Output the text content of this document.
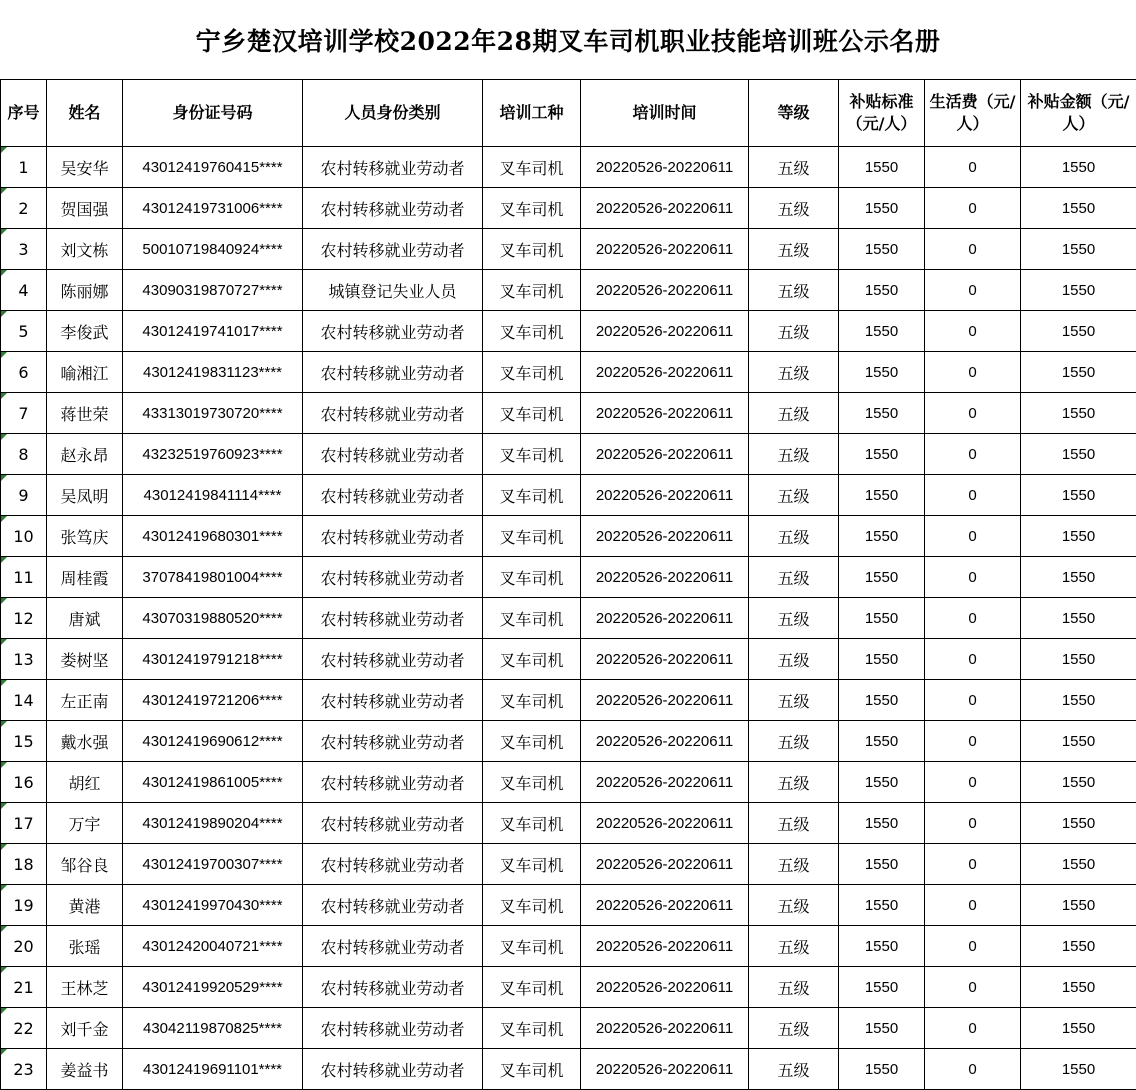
宁乡楚汉培训学校2022年28期叉车司机职业技能培训班公示名册
序号	姓名	身份证号码	人员身份类别	培训工种	培训时间	等级	补贴标准（元/人）	生活费（元/人）	补贴金额（元/人）

1	吴安华	43012419760415****	农村转移就业劳动者	叉车司机	20220526-20220611	五级	1550	0	1550
2	贺国强	43012419731006****	农村转移就业劳动者	叉车司机	20220526-20220611	五级	1550	0	1550
3	刘文栋	50010719840924****	农村转移就业劳动者	叉车司机	20220526-20220611	五级	1550	0	1550
4	陈丽娜	43090319870727****	城镇登记失业人员	叉车司机	20220526-20220611	五级	1550	0	1550
5	李俊武	43012419741017****	农村转移就业劳动者	叉车司机	20220526-20220611	五级	1550	0	1550
6	喻湘江	43012419831123****	农村转移就业劳动者	叉车司机	20220526-20220611	五级	1550	0	1550
7	蒋世荣	43313019730720****	农村转移就业劳动者	叉车司机	20220526-20220611	五级	1550	0	1550
8	赵永昂	43232519760923****	农村转移就业劳动者	叉车司机	20220526-20220611	五级	1550	0	1550
9	吴凤明	43012419841114****	农村转移就业劳动者	叉车司机	20220526-20220611	五级	1550	0	1550
10	张笃庆	43012419680301****	农村转移就业劳动者	叉车司机	20220526-20220611	五级	1550	0	1550
11	周桂霞	37078419801004****	农村转移就业劳动者	叉车司机	20220526-20220611	五级	1550	0	1550
12	唐斌	43070319880520****	农村转移就业劳动者	叉车司机	20220526-20220611	五级	1550	0	1550
13	娄树坚	43012419791218****	农村转移就业劳动者	叉车司机	20220526-20220611	五级	1550	0	1550
14	左正南	43012419721206****	农村转移就业劳动者	叉车司机	20220526-20220611	五级	1550	0	1550
15	戴水强	43012419690612****	农村转移就业劳动者	叉车司机	20220526-20220611	五级	1550	0	1550
16	胡红	43012419861005****	农村转移就业劳动者	叉车司机	20220526-20220611	五级	1550	0	1550
17	万宇	43012419890204****	农村转移就业劳动者	叉车司机	20220526-20220611	五级	1550	0	1550
18	邹谷良	43012419700307****	农村转移就业劳动者	叉车司机	20220526-20220611	五级	1550	0	1550
19	黄港	43012419970430****	农村转移就业劳动者	叉车司机	20220526-20220611	五级	1550	0	1550
20	张瑶	43012420040721****	农村转移就业劳动者	叉车司机	20220526-20220611	五级	1550	0	1550
21	王林芝	43012419920529****	农村转移就业劳动者	叉车司机	20220526-20220611	五级	1550	0	1550
22	刘千金	43042119870825****	农村转移就业劳动者	叉车司机	20220526-20220611	五级	1550	0	1550
23	姜益书	43012419691101****	农村转移就业劳动者	叉车司机	20220526-20220611	五级	1550	0	1550
